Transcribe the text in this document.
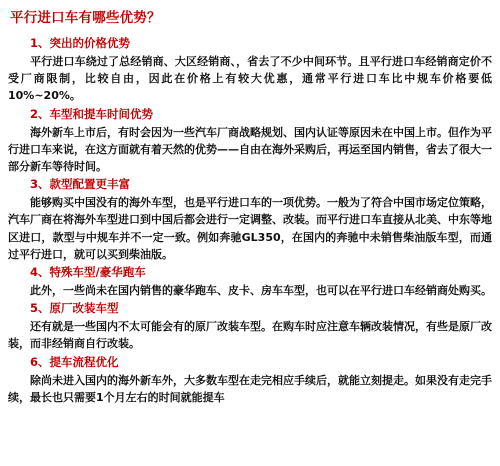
平行进口车有哪些优势？
1、突出的价格优势

平行进口车绕过了总经销商、大区经销商、，省去了不少中间环节。且平行进口车经销商定价不受厂商限制，比较自由，因此在价格上有较大优惠，通常平行进口车比中规车价格要低10%~20%。

2、车型和提车时间优势

海外新车上市后，有时会因为一些汽车厂商战略规划、国内认证等原因未在中国上市。但作为平行进口车来说，在这方面就有着天然的优势——自由在海外采购后，再运至国内销售，省去了很大一部分新车等待时间。

3、款型配置更丰富

能够购买中国没有的海外车型，也是平行进口车的一项优势。一般为了符合中国市场定位策略，汽车厂商在将海外车型进口到中国后都会进行一定调整、改装。而平行进口车直接从北美、中东等地区进口，款型与中规车并不一定一致。例如奔驰GL350，在国内的奔驰中未销售柴油版车型，而通过平行进口，就可以买到柴油版。

4、特殊车型/豪华跑车

此外，一些尚未在国内销售的豪华跑车、皮卡、房车车型，也可以在平行进口车经销商处购买。

5、原厂改装车型

还有就是一些国内不太可能会有的原厂改装车型。在购车时应注意车辆改装情况，有些是原厂改装，而非经销商自行改装。

6、提车流程优化

除尚未进入国内的海外新车外，大多数车型在走完相应手续后，就能立刻提走。如果没有走完手续，最长也只需要1个月左右的时间就能提车
